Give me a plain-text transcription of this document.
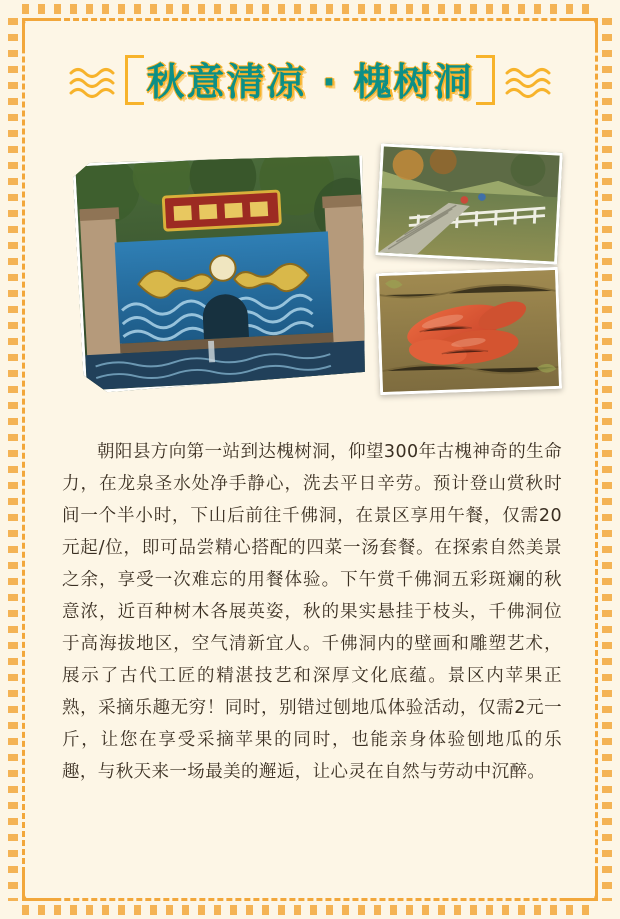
秋意清凉 · 槐树洞

朝阳县方向第一站到达槐树洞，仰望300年古槐神奇的生命力，在龙泉圣水处净手静心，洗去平日辛劳。预计登山赏秋时间一个半小时，下山后前往千佛洞，在景区享用午餐，仅需20元起/位，即可品尝精心搭配的四菜一汤套餐。在探索自然美景之余，享受一次难忘的用餐体验。下午赏千佛洞五彩斑斓的秋意浓，近百种树木各展英姿，秋的果实悬挂于枝头，千佛洞位于高海拔地区，空气清新宜人。千佛洞内的壁画和雕塑艺术，展示了古代工匠的精湛技艺和深厚文化底蕴。景区内苹果正熟，采摘乐趣无穷！同时，别错过刨地瓜体验活动，仅需2元一斤，让您在享受采摘苹果的同时，也能亲身体验刨地瓜的乐趣，与秋天来一场最美的邂逅，让心灵在自然与劳动中沉醉。
